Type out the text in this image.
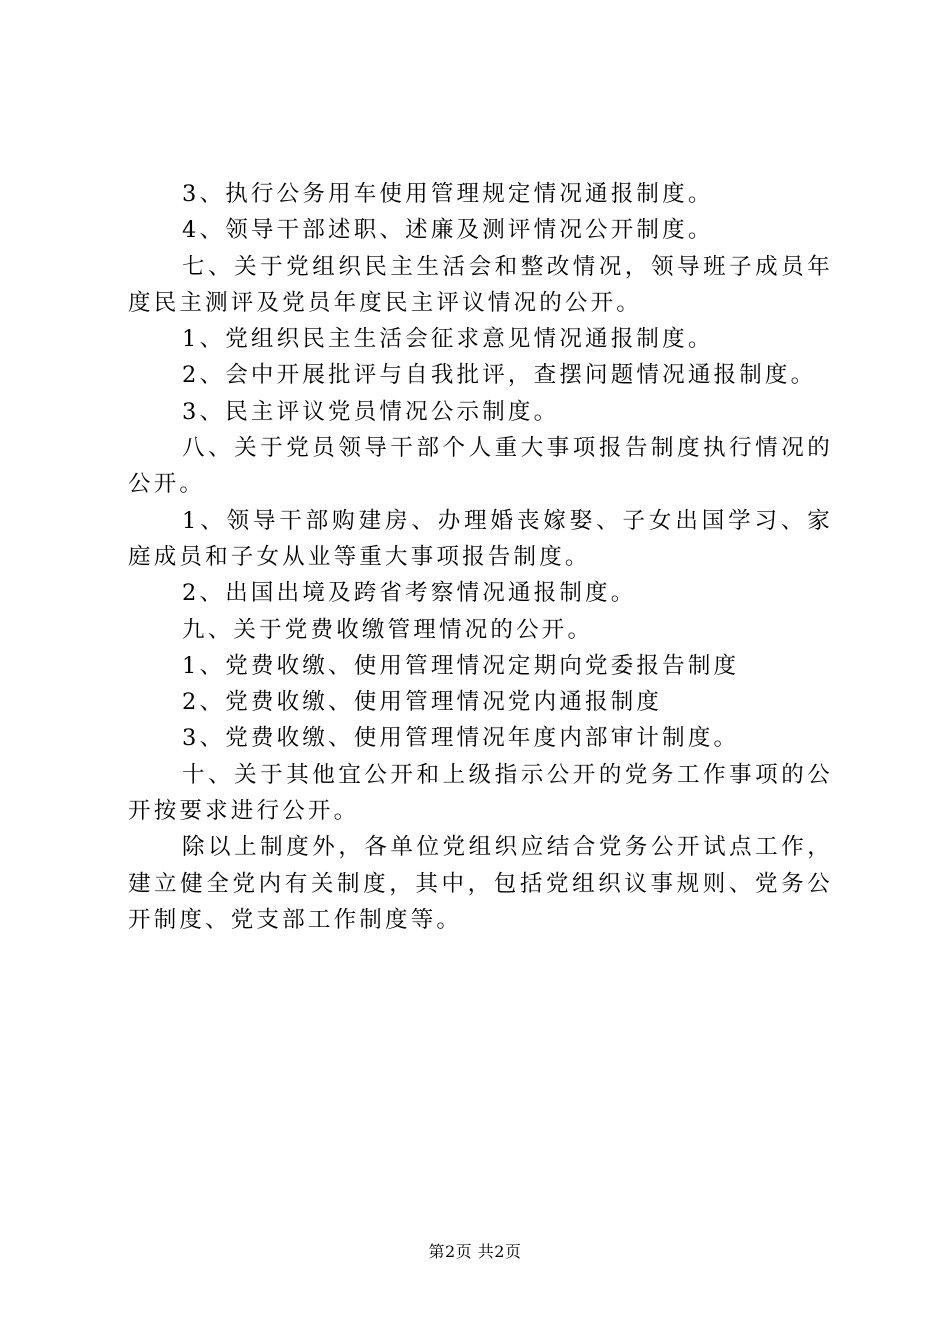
3、执行公务用车使用管理规定情况通报制度。

4、领导干部述职、述廉及测评情况公开制度。

七、关于党组织民主生活会和整改情况，领导班子成员年度民主测评及党员年度民主评议情况的公开。

1、党组织民主生活会征求意见情况通报制度。

2、会中开展批评与自我批评，查摆问题情况通报制度。

3、民主评议党员情况公示制度。

八、关于党员领导干部个人重大事项报告制度执行情况的公开。

1、领导干部购建房、办理婚丧嫁娶、子女出国学习、家庭成员和子女从业等重大事项报告制度。

2、出国出境及跨省考察情况通报制度。

九、关于党费收缴管理情况的公开。

1、党费收缴、使用管理情况定期向党委报告制度

2、党费收缴、使用管理情况党内通报制度

3、党费收缴、使用管理情况年度内部审计制度。

十、关于其他宜公开和上级指示公开的党务工作事项的公开按要求进行公开。

除以上制度外，各单位党组织应结合党务公开试点工作，建立健全党内有关制度，其中，包括党组织议事规则、党务公开制度、党支部工作制度等。

第2页 共2页
